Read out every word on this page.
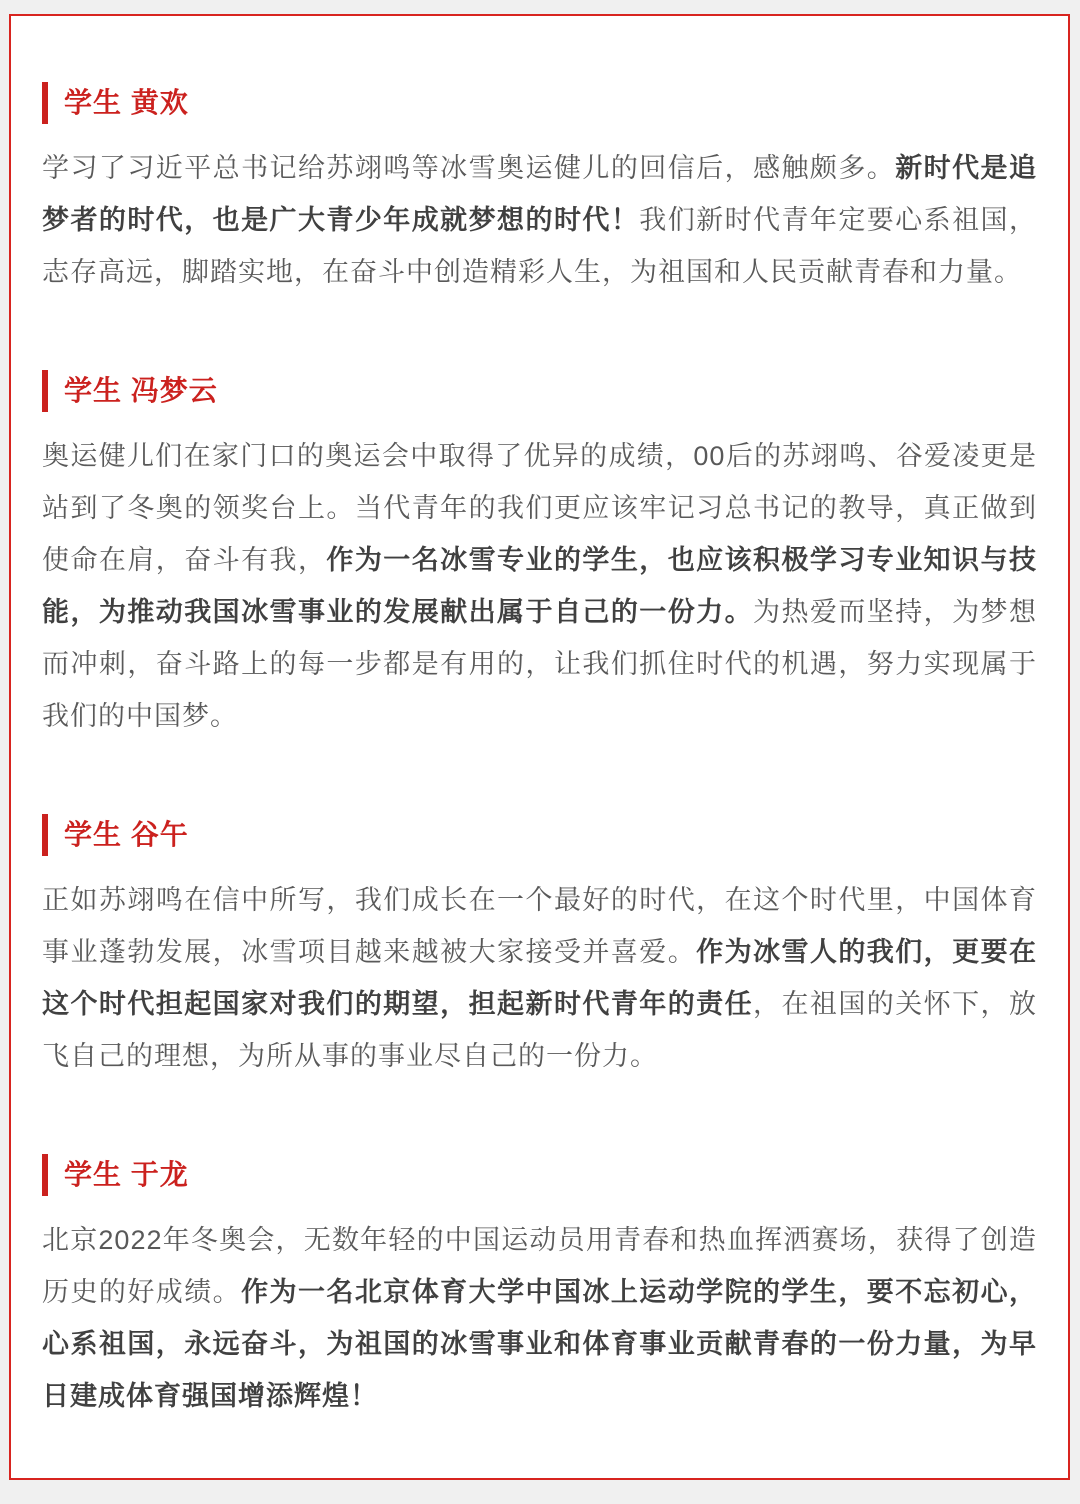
学生 黄欢

学习了习近平总书记给苏翊鸣等冰雪奥运健儿的回信后，感触颇多。新时代是追梦者的时代，也是广大青少年成就梦想的时代！我们新时代青年定要心系祖国，志存高远，脚踏实地，在奋斗中创造精彩人生，为祖国和人民贡献青春和力量。

学生 冯梦云

奥运健儿们在家门口的奥运会中取得了优异的成绩，00后的苏翊鸣、谷爱凌更是站到了冬奥的领奖台上。当代青年的我们更应该牢记习总书记的教导，真正做到使命在肩，奋斗有我，作为一名冰雪专业的学生，也应该积极学习专业知识与技能，为推动我国冰雪事业的发展献出属于自己的一份力。为热爱而坚持，为梦想而冲刺，奋斗路上的每一步都是有用的，让我们抓住时代的机遇，努力实现属于我们的中国梦。

学生 谷午

正如苏翊鸣在信中所写，我们成长在一个最好的时代，在这个时代里，中国体育事业蓬勃发展，冰雪项目越来越被大家接受并喜爱。作为冰雪人的我们，更要在这个时代担起国家对我们的期望，担起新时代青年的责任，在祖国的关怀下，放飞自己的理想，为所从事的事业尽自己的一份力。

学生 于龙

北京2022年冬奥会，无数年轻的中国运动员用青春和热血挥洒赛场，获得了创造历史的好成绩。作为一名北京体育大学中国冰上运动学院的学生，要不忘初心，心系祖国，永远奋斗，为祖国的冰雪事业和体育事业贡献青春的一份力量，为早日建成体育强国增添辉煌！
